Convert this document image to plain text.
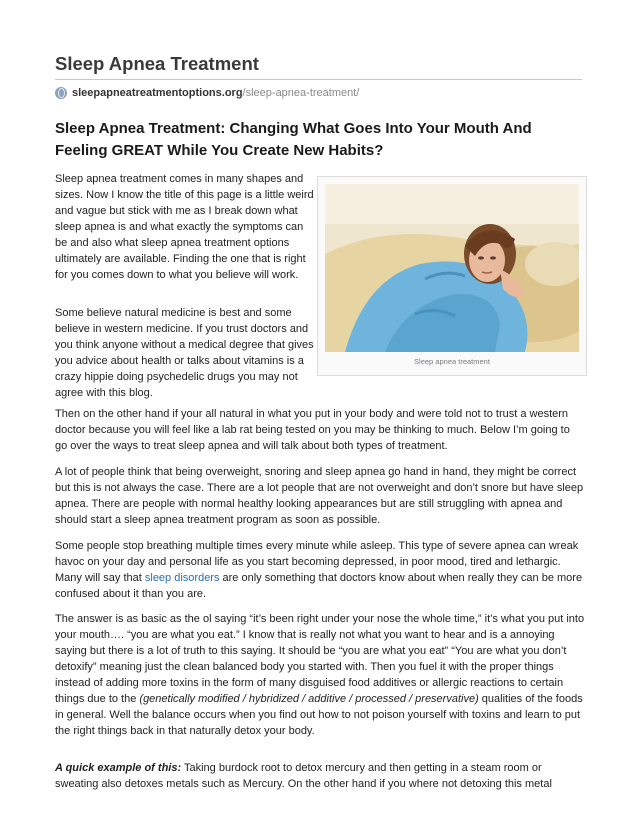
Sleep Apnea Treatment
sleepapneatreatmentoptions.org /sleep-apnea-treatment/
Sleep Apnea Treatment: Changing What Goes Into Your Mouth And Feeling GREAT While You Create New Habits?
Sleep apnea treatment

Sleep apnea treatment comes in many shapes and sizes. Now I know the title of this page is a little weird and vague but stick with me as I break down what sleep apnea is and what exactly the symptoms can be and also what sleep apnea treatment options ultimately are available. Finding the one that is right for you comes down to what you believe will work.

Some believe natural medicine is best and some believe in western medicine. If you trust doctors and you think anyone without a medical degree that gives you advice about health or talks about vitamins is a crazy hippie doing psychedelic drugs you may not agree with this blog.

Then on the other hand if your all natural in what you put in your body and were told not to trust a western doctor because you will feel like a lab rat being tested on you may be thinking to much. Below I’m going to go over the ways to treat sleep apnea and will talk about both types of treatment.

A lot of people think that being overweight, snoring and sleep apnea go hand in hand, they might be correct but this is not always the case. There are a lot people that are not overweight and don’t snore but have sleep apnea. There are people with normal healthy looking appearances but are still struggling with apnea and should start a sleep apnea treatment program as soon as possible.

Some people stop breathing multiple times every minute while asleep. This type of severe apnea can wreak havoc on your day and personal life as you start becoming depressed, in poor mood, tired and lethargic. Many will say that sleep disorders are only something that doctors know about when really they can be more confused about it than you are.

The answer is as basic as the ol saying “it’s been right under your nose the whole time,” it’s what you put into your mouth…. “you are what you eat.” I know that is really not what you want to hear and is a annoying saying but there is a lot of truth to this saying. It should be “you are what you eat” “You are what you don’t detoxify” meaning just the clean balanced body you started with. Then you fuel it with the proper things instead of adding more toxins in the form of many disguised food additives or allergic reactions to certain things due to the (genetically modified / hybridized / additive / processed / preservative) qualities of the foods in general. Well the balance occurs when you find out how to not poison yourself with toxins and learn to put the right things back in that naturally detox your body.

A quick example of this: Taking burdock root to detox mercury and then getting in a steam room or sweating also detoxes metals such as Mercury. On the other hand if you where not detoxing this metal
